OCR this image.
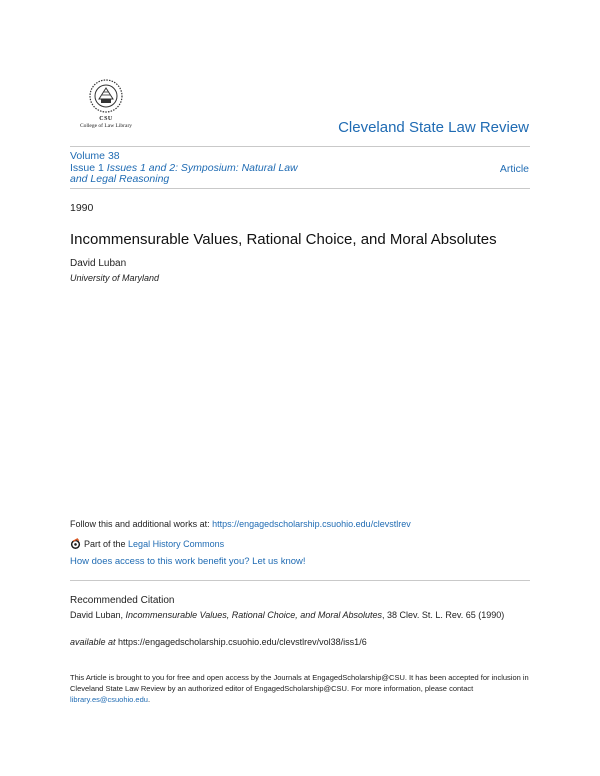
CSU
College of Law Library	Cleveland State Law Review
Volume 38
Issue 1 Issues 1 and 2: Symposium: Natural Law and Legal Reasoning
Article
1990
Incommensurable Values, Rational Choice, and Moral Absolutes
David Luban
University of Maryland
Follow this and additional works at: https://engagedscholarship.csuohio.edu/clevstlrev
Part of the
Legal History Commons
How does access to this work benefit you? Let us know!
Recommended Citation
David Luban, Incommensurable Values, Rational Choice, and Moral Absolutes, 38 Clev. St. L. Rev. 65 (1990)
available at https://engagedscholarship.csuohio.edu/clevstlrev/vol38/iss1/6
This Article is brought to you for free and open access by the Journals at EngagedScholarship@CSU. It has been accepted for inclusion in Cleveland State Law Review by an authorized editor of EngagedScholarship@CSU. For more information, please contact library.es@csuohio.edu.
